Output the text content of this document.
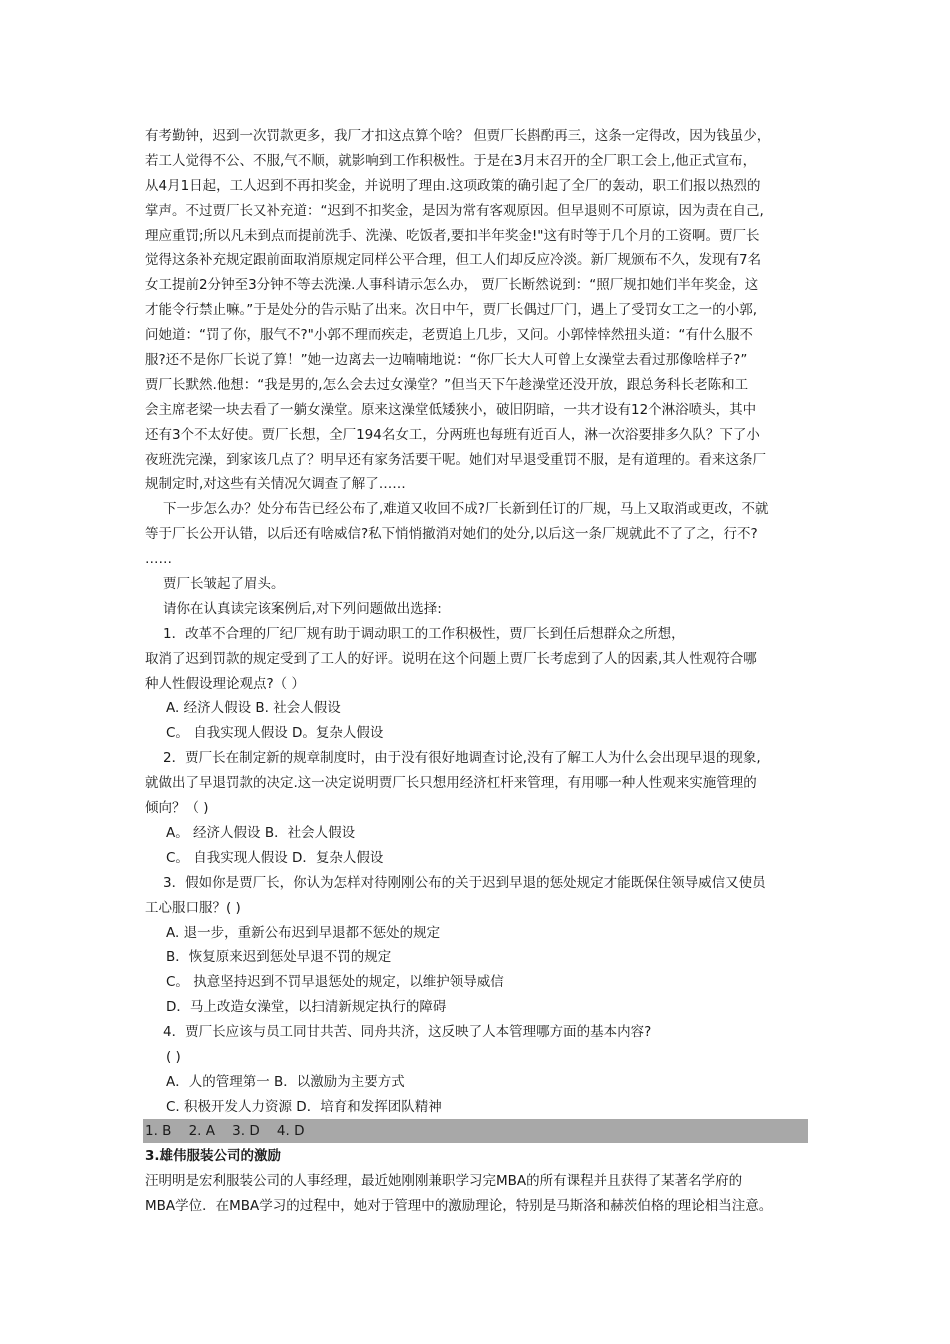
有考勤钟，迟到一次罚款更多，我厂才扣这点算个啥？ 但贾厂长斟酌再三，这条一定得改，因为钱虽少，
若工人觉得不公、不服,气不顺，就影响到工作积极性。于是在3月末召开的全厂职工会上,他正式宣布，
从4月1日起，工人迟到不再扣奖金，并说明了理由.这项政策的确引起了全厂的轰动，职工们报以热烈的
掌声。不过贾厂长又补充道：“迟到不扣奖金，是因为常有客观原因。但早退则不可原谅，因为责在自己,
理应重罚;所以凡未到点而提前洗手、洗澡、吃饭者,要扣半年奖金!"这有时等于几个月的工资啊。贾厂长
觉得这条补充规定跟前面取消原规定同样公平合理，但工人们却反应冷淡。新厂规颁布不久，发现有7名
女工提前2分钟至3分钟不等去洗澡.人事科请示怎么办， 贾厂长断然说到：“照厂规扣她们半年奖金，这
才能令行禁止嘛。”于是处分的告示贴了出来。次日中午，贾厂长偶过厂门，遇上了受罚女工之一的小郭,
问她道：“罚了你，服气不?"小郭不理而疾走，老贾追上几步，又问。小郭悻悻然扭头道：“有什么服不
服?还不是你厂长说了算！”她一边离去一边喃喃地说：“你厂长大人可曾上女澡堂去看过那像啥样子?”
贾厂长默然.他想：“我是男的,怎么会去过女澡堂？”但当天下午趁澡堂还没开放，跟总务科长老陈和工
会主席老梁一块去看了一躺女澡堂。原来这澡堂低矮狭小，破旧阴暗，一共才设有12个淋浴喷头，其中
还有3个不太好使。贾厂长想，全厂194名女工，分两班也每班有近百人，淋一次浴要排多久队？下了小
夜班洗完澡，到家该几点了？明早还有家务活要干呢。她们对早退受重罚不服，是有道理的。看来这条厂
规制定时,对这些有关情况欠调查了解了……
下一步怎么办？处分布告已经公布了,难道又收回不成?厂长新到任订的厂规，马上又取消或更改，不就
等于厂长公开认错，以后还有啥威信?私下悄悄撤消对她们的处分,以后这一条厂规就此不了了之，行不?
……
贾厂长皱起了眉头。
请你在认真读完该案例后,对下列问题做出选择:
1．改革不合理的厂纪厂规有助于调动职工的工作积极性，贾厂长到任后想群众之所想，
取消了迟到罚款的规定受到了工人的好评。说明在这个问题上贾厂长考虑到了人的因素,其人性观符合哪
种人性假设理论观点?（ ）
A. 经济人假设 B. 社会人假设
C。 自我实现人假设 D。复杂人假设
2．贾厂长在制定新的规章制度时，由于没有很好地调查讨论,没有了解工人为什么会出现早退的现象,
就做出了早退罚款的决定.这一决定说明贾厂长只想用经济杠杆来管理，有用哪一种人性观来实施管理的
倾向？（ )
A。 经济人假设 B．社会人假设
C。 自我实现人假设 D．复杂人假设
3．假如你是贾厂长，你认为怎样对待刚刚公布的关于迟到早退的惩处规定才能既保住领导威信又使员
工心服口服？( )
A. 退一步，重新公布迟到早退都不惩处的规定
B．恢复原来迟到惩处早退不罚的规定
C。 执意坚持迟到不罚早退惩处的规定，以维护领导威信
D．马上改造女澡堂，以扫清新规定执行的障碍
4．贾厂长应该与员工同甘共苦、同舟共济，这反映了人本管理哪方面的基本内容?
( )
A．人的管理第一 B．以激励为主要方式
C. 积极开发人力资源 D．培育和发挥团队精神
1. B    2. A    3. D    4. D
3.雄伟服装公司的激励
汪明明是宏利服装公司的人事经理，最近她刚刚兼职学习完MBA的所有课程并且获得了某著名学府的
MBA学位．在MBA学习的过程中，她对于管理中的激励理论，特别是马斯洛和赫茨伯格的理论相当注意。
